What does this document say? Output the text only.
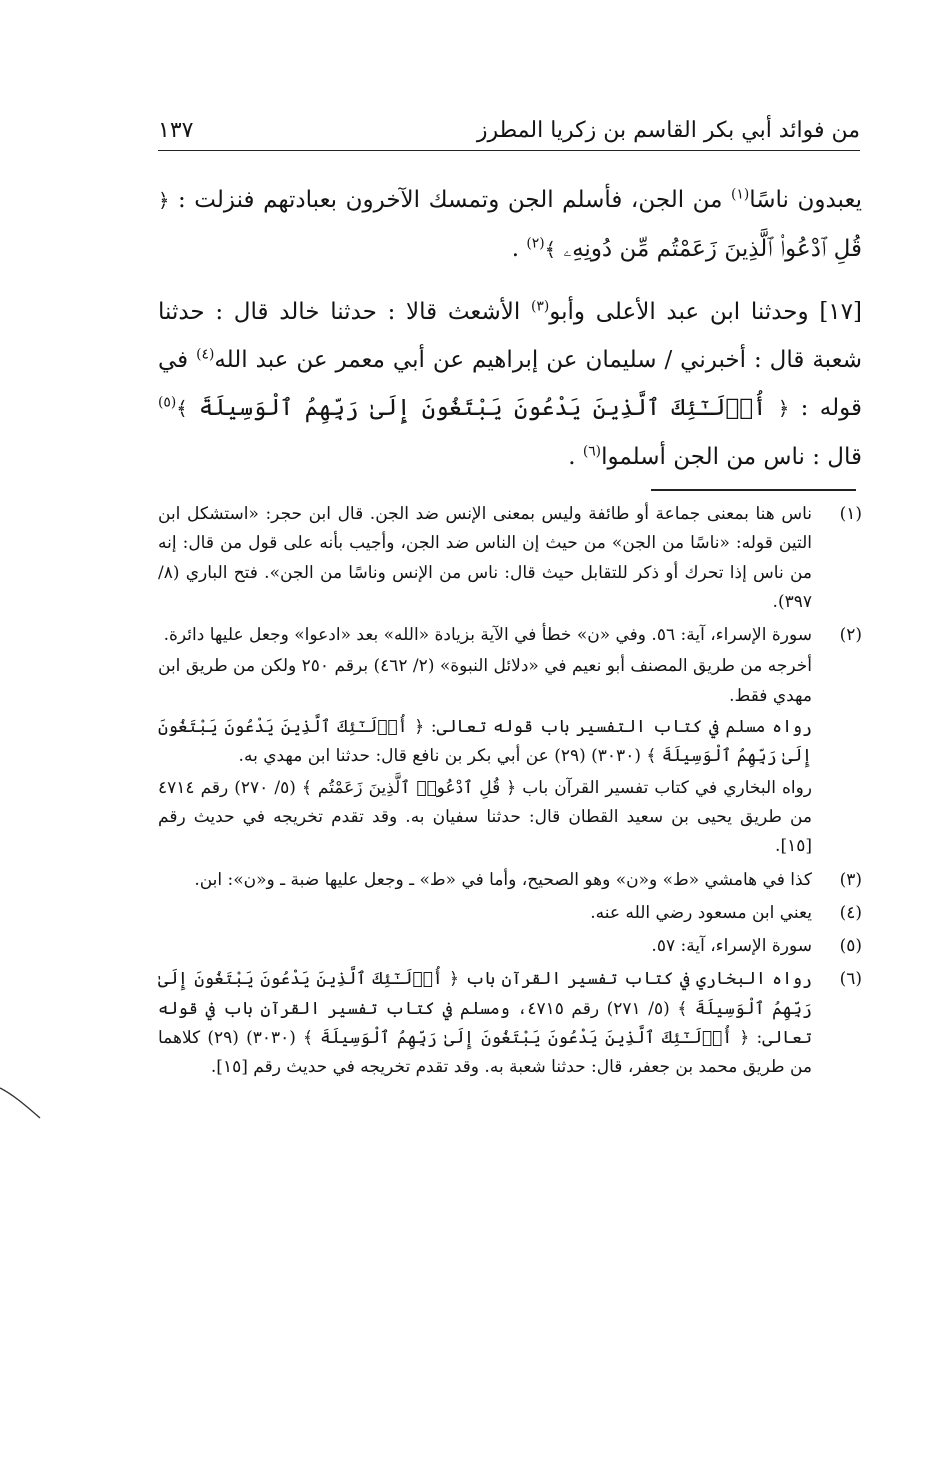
من فوائد أبي بكر القاسم بن زكريا المطرز
١٣٧

يعبدون ناسًا$^{(١)}$ من الجن، فأسلم الجن وتمسك الآخرون بعبادتهم فنزلت : ﴿ قُلِ ٱدْعُوا۟ ٱلَّذِينَ زَعَمْتُم مِّن دُونِهِۦ ﴾$^{(٢)}$ .

[١٧] وحدثنا ابن عبد الأعلى وأبو$^{(٣)}$ الأشعث قالا : حدثنا خالد قال : حدثنا شعبة قال : أخبرني / سليمان عن إبراهيم عن أبي معمر عن عبد الله$^{(٤)}$ في قوله : ﴿ أُو۟لَـٰٓئِكَ ٱلَّذِينَ يَدْعُونَ يَبْتَغُونَ إِلَىٰ رَبِّهِمُ ٱلْوَسِيلَةَ ﴾$^{(٥)}$ قال : ناس من الجن أسلموا$^{(٦)}$ .

(١)

ناس هنا بمعنى جماعة أو طائفة وليس بمعنى الإنس ضد الجن. قال ابن حجر: «استشكل ابن التين قوله: «ناسًا من الجن» من حيث إن الناس ضد الجن، وأجيب بأنه على قول من قال: إنه من ناس إذا تحرك أو ذكر للتقابل حيث قال: ناس من الإنس وناسًا من الجن». فتح الباري (٨/ ٣٩٧).

(٢)

سورة الإسراء، آية: ٥٦. وفي «ن» خطأ في الآية بزيادة «الله» بعد «ادعوا» وجعل عليها دائرة.

أخرجه من طريق المصنف أبو نعيم في «دلائل النبوة» (٢/ ٤٦٢) برقم ٢٥٠ ولكن من طريق ابن مهدي فقط.

رواه مسلم في كتاب التفسير باب قوله تعالى: ﴿ أُو۟لَـٰٓئِكَ ٱلَّذِينَ يَدْعُونَ يَبْتَغُونَ إِلَىٰ رَبِّهِمُ ٱلْوَسِيلَةَ ﴾ (٣٠٣٠) (٢٩) عن أبي بكر بن نافع قال: حدثنا ابن مهدي به.

رواه البخاري في كتاب تفسير القرآن باب ﴿ قُلِ ٱدْعُوا۟ ٱلَّذِينَ زَعَمْتُم ﴾ (٥/ ٢٧٠) رقم ٤٧١٤ من طريق يحيى بن سعيد القطان قال: حدثنا سفيان به. وقد تقدم تخريجه في حديث رقم [١٥].

(٣)

كذا في هامشي «ط» و«ن» وهو الصحيح، وأما في «ط» ـ وجعل عليها ضبة ـ و«ن»: ابن.

(٤)

يعني ابن مسعود رضي الله عنه.

(٥)

سورة الإسراء، آية: ٥٧.

(٦)

رواه البخاري في كتاب تفسير القرآن باب ﴿ أُو۟لَـٰٓئِكَ ٱلَّذِينَ يَدْعُونَ يَبْتَغُونَ إِلَىٰ رَبِّهِمُ ٱلْوَسِيلَةَ ﴾ (٥/ ٢٧١) رقم ٤٧١٥، ومسلم في كتاب تفسير القرآن باب في قوله تعالى: ﴿ أُو۟لَـٰٓئِكَ ٱلَّذِينَ يَدْعُونَ يَبْتَغُونَ إِلَىٰ رَبِّهِمُ ٱلْوَسِيلَةَ ﴾ (٣٠٣٠) (٢٩) كلاهما من طريق محمد بن جعفر، قال: حدثنا شعبة به. وقد تقدم تخريجه في حديث رقم [١٥].
